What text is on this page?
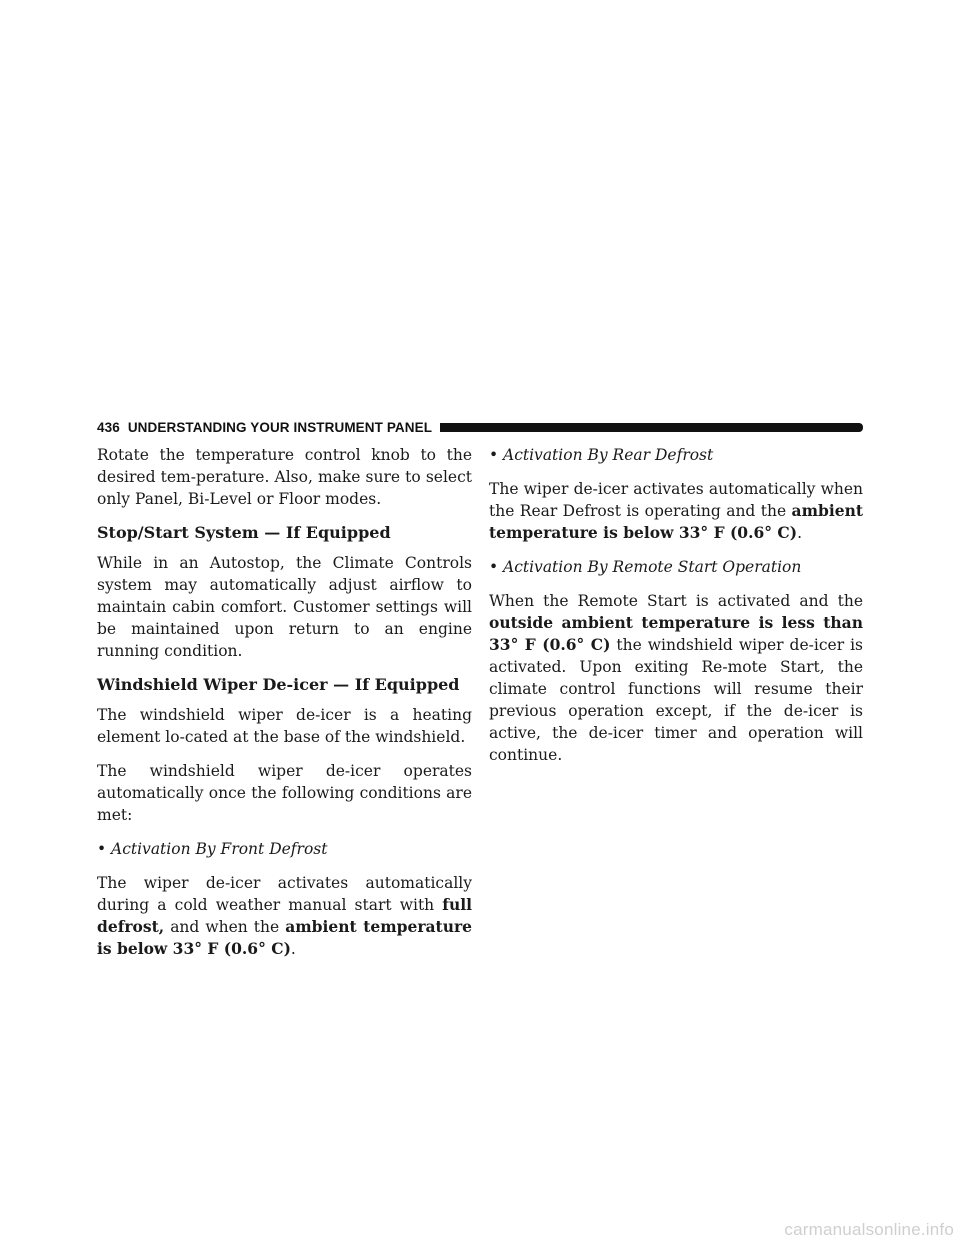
436 UNDERSTANDING YOUR INSTRUMENT PANEL

Rotate the temperature control knob to the desired tem-perature. Also, make sure to select only Panel, Bi-Level or Floor modes.

Stop/Start System — If Equipped

While in an Autostop, the Climate Controls system may automatically adjust airflow to maintain cabin comfort. Customer settings will be maintained upon return to an engine running condition.

Windshield Wiper De-icer — If Equipped

The windshield wiper de-icer is a heating element lo-cated at the base of the windshield.

The windshield wiper de-icer operates automatically once the following conditions are met:

• Activation By Front Defrost

The wiper de-icer activates automatically during a cold weather manual start with full defrost, and when the ambient temperature is below 33° F (0.6° C).

• Activation By Rear Defrost

The wiper de-icer activates automatically when the Rear Defrost is operating and the ambient temperature is below 33° F (0.6° C).

• Activation By Remote Start Operation

When the Remote Start is activated and the outside ambient temperature is less than 33° F (0.6° C) the windshield wiper de-icer is activated. Upon exiting Re-mote Start, the climate control functions will resume their previous operation except, if the de-icer is active, the de-icer timer and operation will continue.

carmanualsonline.info
